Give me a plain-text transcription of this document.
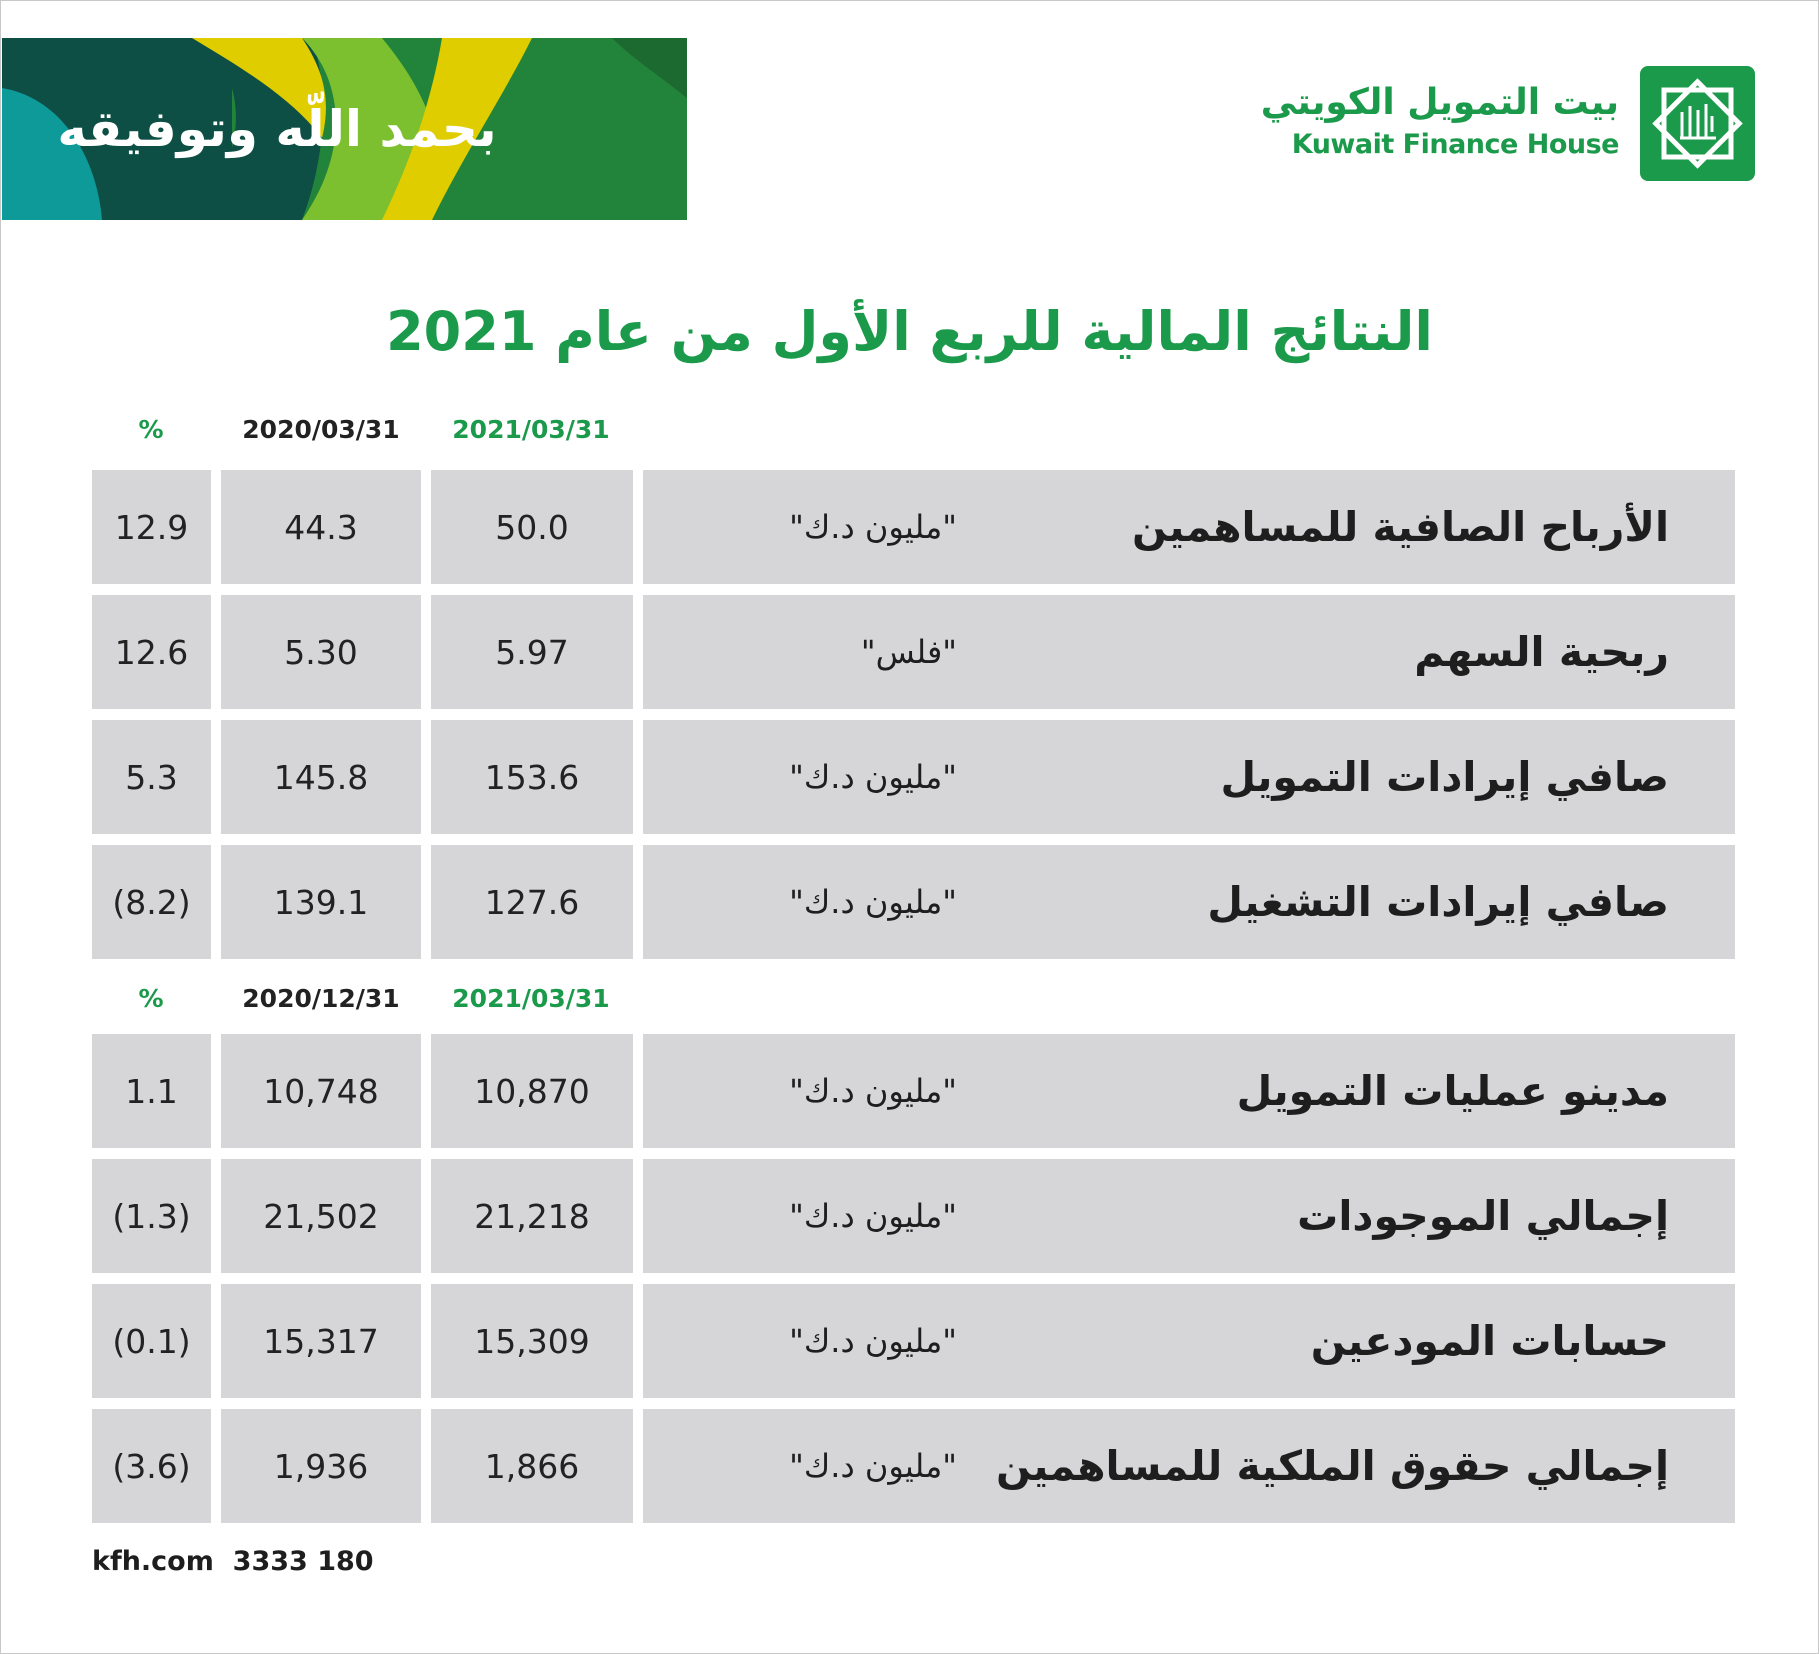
بحمد اللّه وتوفيقه	بيت التمويل الكويتي
Kuwait Finance House
النتائج المالية للربع الأول من عام 2021
2021/03/31
2020/03/31
%
الأرباح الصافية للمساهمين
"مليون د.ك"
50.0
44.3
12.9
ربحية السهم
"فلس"
5.97
5.30
12.6
صافي إيرادات التمويل
"مليون د.ك"
153.6
145.8
5.3
صافي إيرادات التشغيل
"مليون د.ك"
127.6
139.1
(8.2)
2021/03/31
2020/12/31
%
مدينو عمليات التمويل
"مليون د.ك"
10,870
10,748
1.1
إجمالي الموجودات
"مليون د.ك"
21,218
21,502
(1.3)
حسابات المودعين
"مليون د.ك"
15,309
15,317
(0.1)
إجمالي حقوق الملكية للمساهمين
"مليون د.ك"
1,866
1,936
(3.6)
kfh.com  3333 180
